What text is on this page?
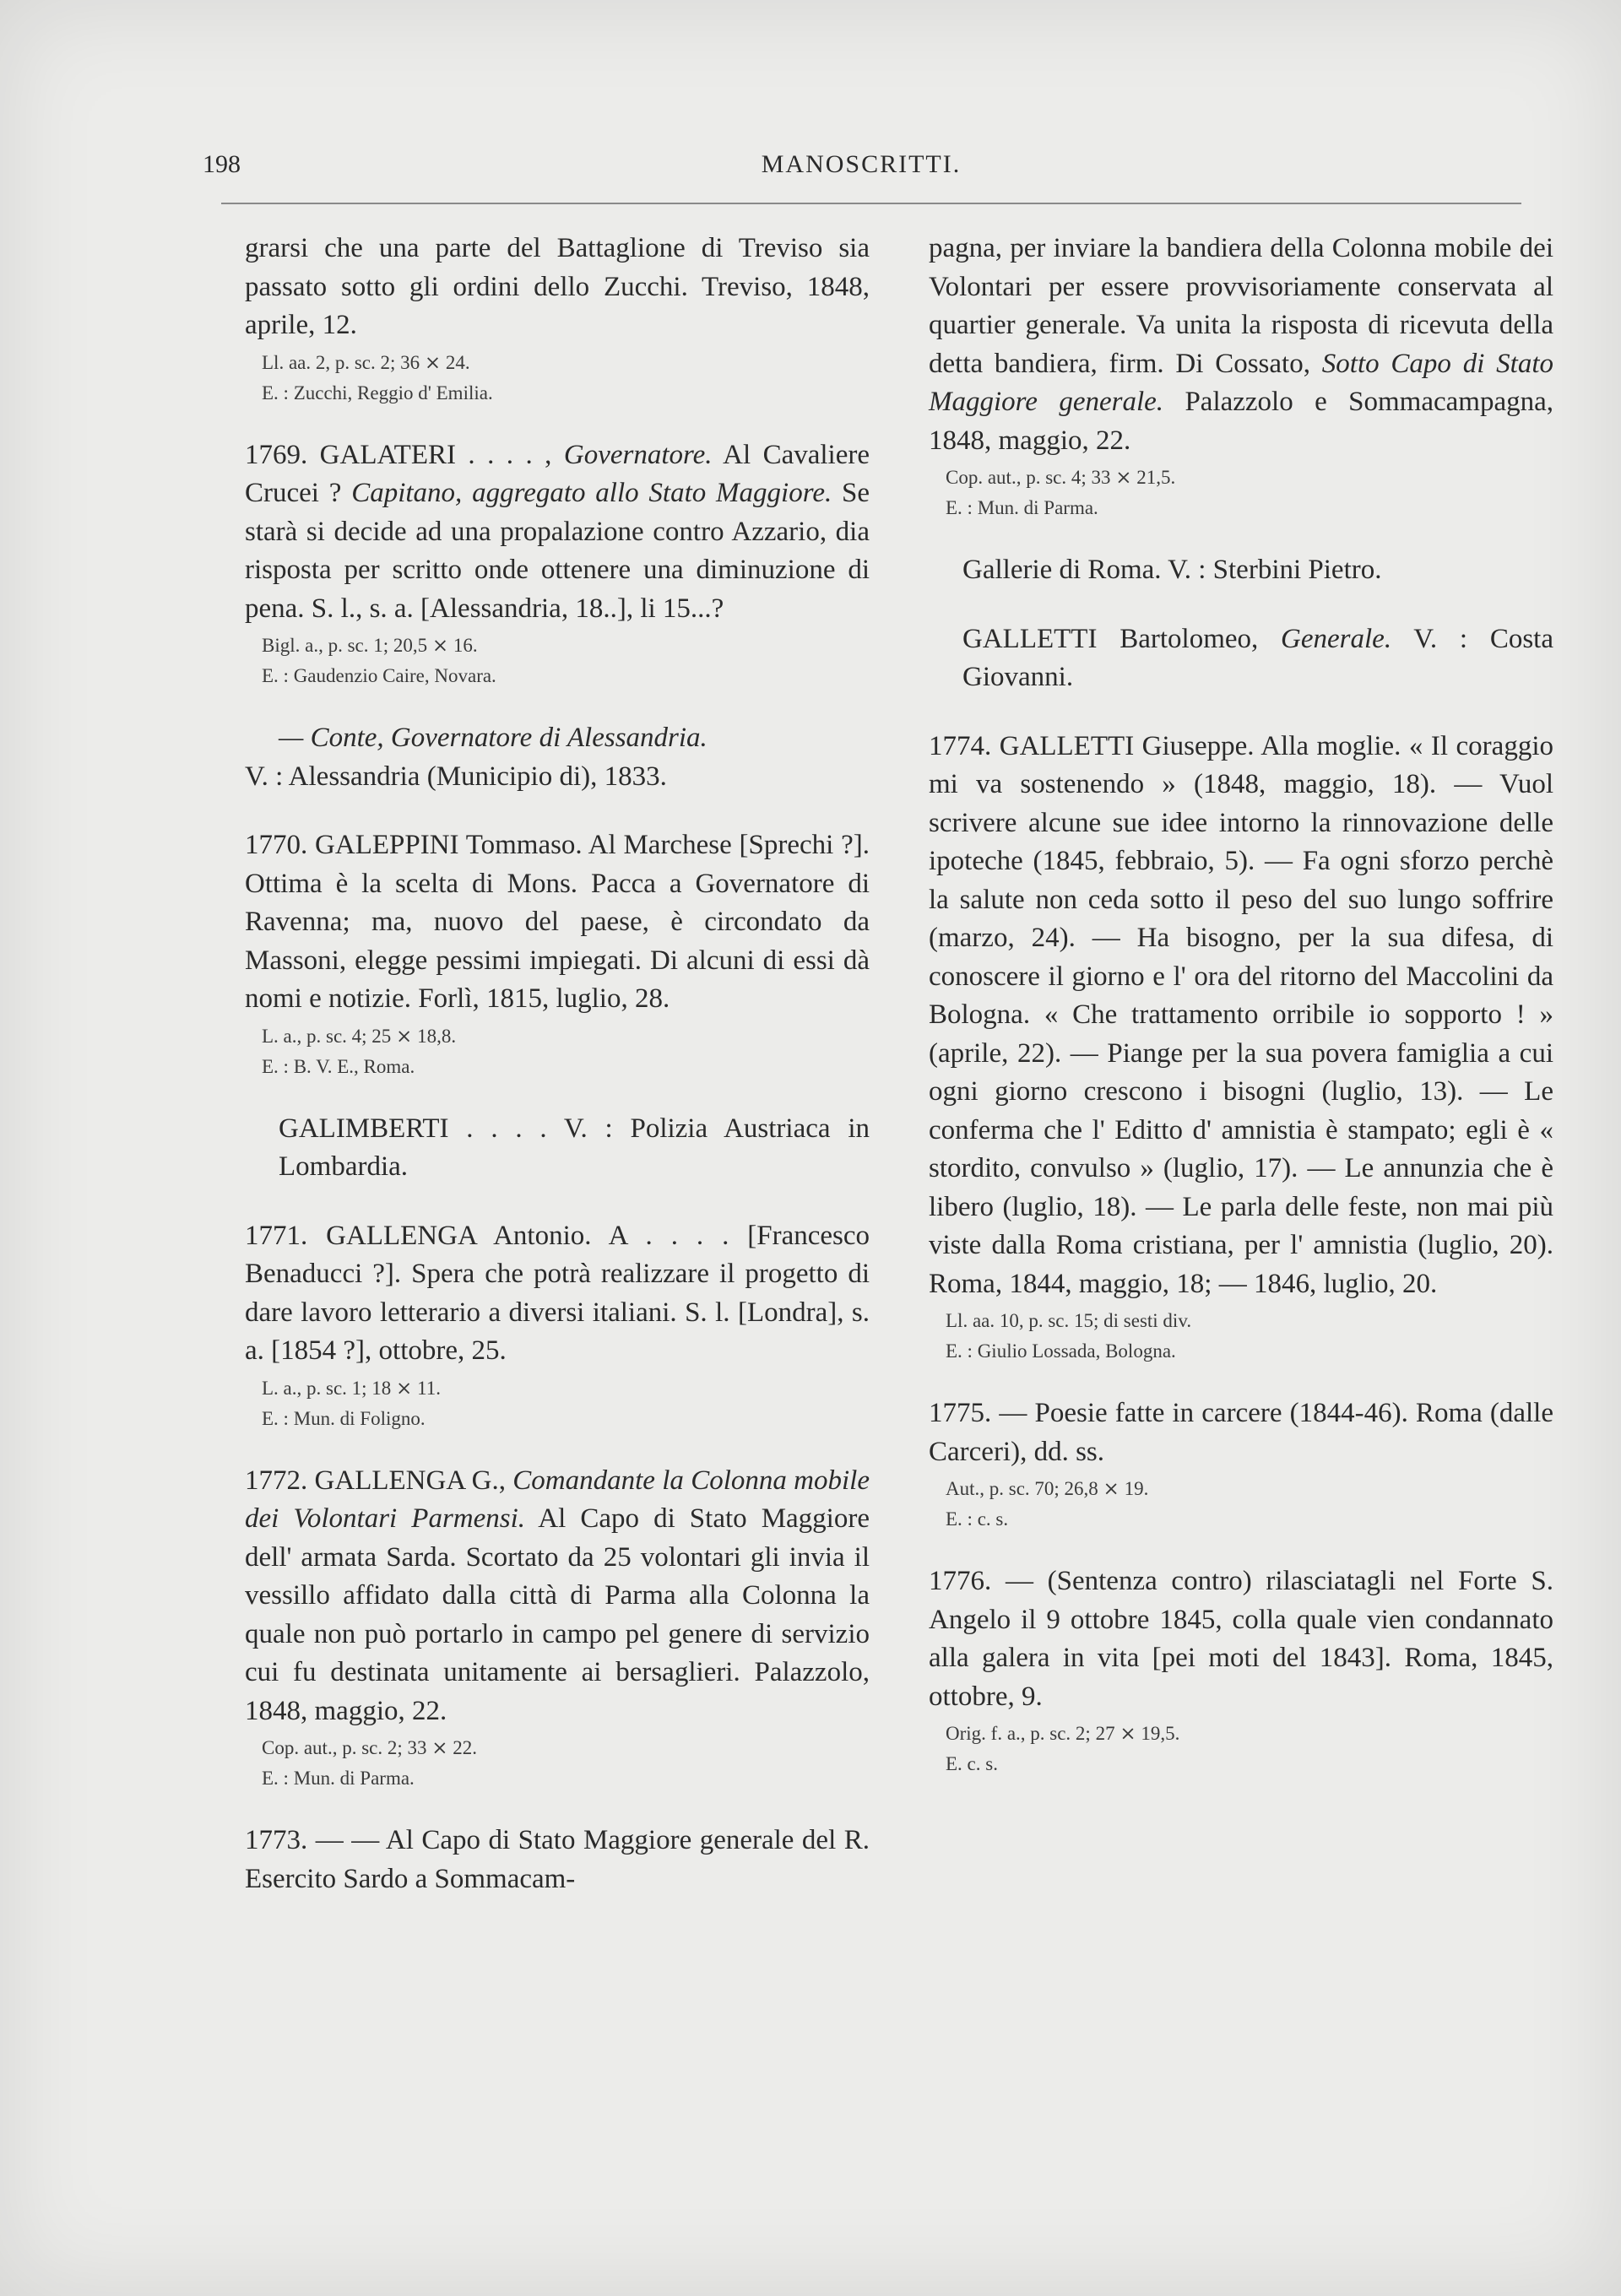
198	MANOSCRITTI.

grarsi che una parte del Battaglione di Treviso sia passato sotto gli ordini dello Zucchi. Treviso, 1848, aprile, 12.

Ll. aa. 2, p. sc. 2; 36 ⨯ 24.
E. : Zucchi, Reggio d' Emilia.

1769. GALATERI . . . . , Governatore. Al Cavaliere Crucei ? Capitano, aggregato allo Stato Maggiore. Se starà si decide ad una propalazione contro Azzario, dia risposta per scritto onde ottenere una diminuzione di pena. S. l., s. a. [Alessandria, 18..], li 15...?

Bigl. a., p. sc. 1; 20,5 ⨯ 16.
E. : Gaudenzio Caire, Novara.

— Conte, Governatore di Alessandria.

V. : Alessandria (Municipio di), 1833.

1770. GALEPPINI Tommaso. Al Marchese [Sprechi ?]. Ottima è la scelta di Mons. Pacca a Governatore di Ravenna; ma, nuovo del paese, è circondato da Massoni, elegge pessimi impiegati. Di alcuni di essi dà nomi e notizie. Forlì, 1815, luglio, 28.

L. a., p. sc. 4; 25 ⨯ 18,8.
E. : B. V. E., Roma.

GALIMBERTI . . . . V. : Polizia Austriaca in Lombardia.

1771. GALLENGA Antonio. A . . . . [Francesco Benaducci ?]. Spera che potrà realizzare il progetto di dare lavoro letterario a diversi italiani. S. l. [Londra], s. a. [1854 ?], ottobre, 25.

L. a., p. sc. 1; 18 ⨯ 11.
E. : Mun. di Foligno.

1772. GALLENGA G., Comandante la Colonna mobile dei Volontari Parmensi. Al Capo di Stato Maggiore dell' armata Sarda. Scortato da 25 volontari gli invia il vessillo affidato dalla città di Parma alla Colonna la quale non può portarlo in campo pel genere di servizio cui fu destinata unitamente ai bersaglieri. Palazzolo, 1848, maggio, 22.

Cop. aut., p. sc. 2; 33 ⨯ 22.
E. : Mun. di Parma.

1773. — — Al Capo di Stato Maggiore generale del R. Esercito Sardo a Sommacam-

pagna, per inviare la bandiera della Colonna mobile dei Volontari per essere provvisoriamente conservata al quartier generale. Va unita la risposta di ricevuta della detta bandiera, firm. Di Cossato, Sotto Capo di Stato Maggiore generale. Palazzolo e Sommacampagna, 1848, maggio, 22.

Cop. aut., p. sc. 4; 33 ⨯ 21,5.
E. : Mun. di Parma.

Gallerie di Roma. V. : Sterbini Pietro.

GALLETTI Bartolomeo, Generale. V. : Costa Giovanni.

1774. GALLETTI Giuseppe. Alla moglie. « Il coraggio mi va sostenendo » (1848, maggio, 18). — Vuol scrivere alcune sue idee intorno la rinnovazione delle ipoteche (1845, febbraio, 5). — Fa ogni sforzo perchè la salute non ceda sotto il peso del suo lungo soffrire (marzo, 24). — Ha bisogno, per la sua difesa, di conoscere il giorno e l' ora del ritorno del Maccolini da Bologna. « Che trattamento orribile io sopporto ! » (aprile, 22). — Piange per la sua povera famiglia a cui ogni giorno crescono i bisogni (luglio, 13). — Le conferma che l' Editto d' amnistia è stampato; egli è « stordito, convulso » (luglio, 17). — Le annunzia che è libero (luglio, 18). — Le parla delle feste, non mai più viste dalla Roma cristiana, per l' amnistia (luglio, 20). Roma, 1844, maggio, 18; — 1846, luglio, 20.

Ll. aa. 10, p. sc. 15; di sesti div.
E. : Giulio Lossada, Bologna.

1775. — Poesie fatte in carcere (1844-46). Roma (dalle Carceri), dd. ss.

Aut., p. sc. 70; 26,8 ⨯ 19.
E. : c. s.

1776. — (Sentenza contro) rilasciatagli nel Forte S. Angelo il 9 ottobre 1845, colla quale vien condannato alla galera in vita [pei moti del 1843]. Roma, 1845, ottobre, 9.

Orig. f. a., p. sc. 2; 27 ⨯ 19,5.
E. c. s.
